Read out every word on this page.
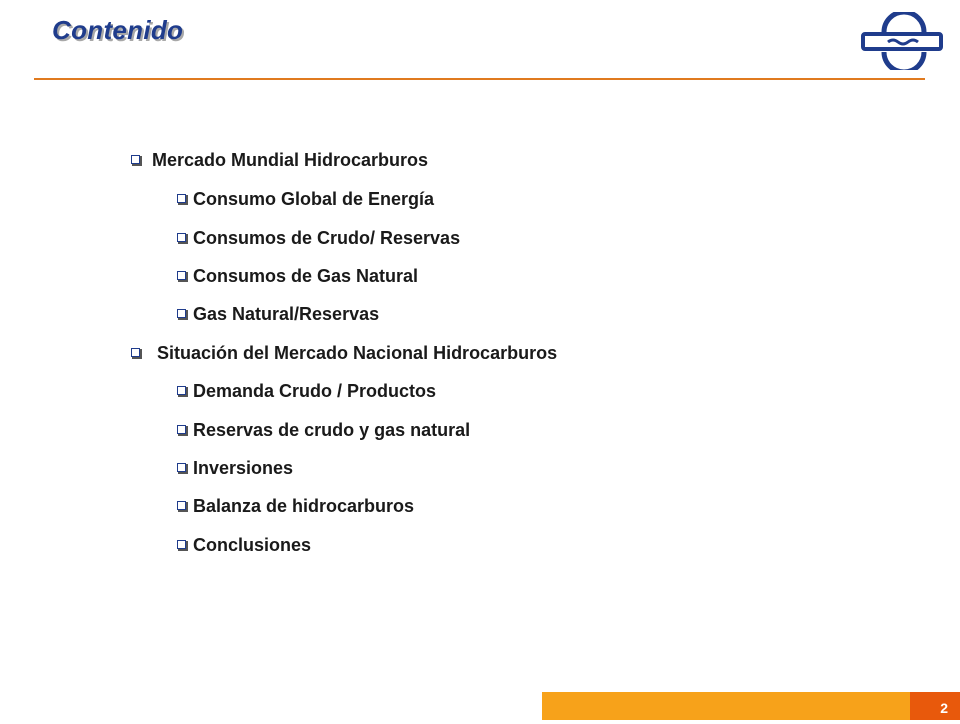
Contenido
Mercado Mundial Hidrocarburos
Consumo Global de Energía
Consumos de Crudo/ Reservas
Consumos de Gas Natural
Gas Natural/Reservas
Situación del Mercado Nacional Hidrocarburos
Demanda Crudo / Productos
Reservas de crudo y gas natural
Inversiones
Balanza de hidrocarburos
Conclusiones
2
